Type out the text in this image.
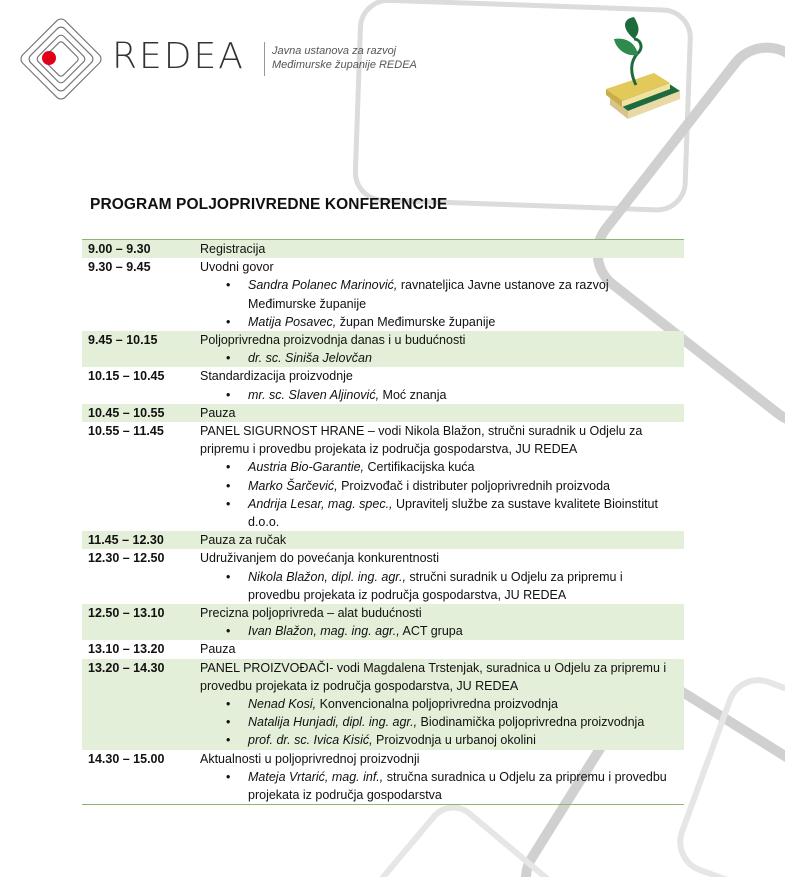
REDEA Javna ustanova za razvoj
Međimurske županije REDEA
PROGRAM POLJOPRIVREDNE KONFERENCIJE
9.00 – 9.30	Registracija
9.30 – 9.45	Uvodni govor
• Sandra Polanec Marinović, ravnateljica Javne ustanove za razvoj Međimurske županije
• Matija Posavec, župan Međimurske županije
9.45 – 10.15	Poljoprivredna proizvodnja danas i u budućnosti
• dr. sc. Siniša Jelovčan
10.15 – 10.45	Standardizacija proizvodnje
• mr. sc. Slaven Aljinović, Moć znanja
10.45 – 10.55	Pauza
10.55 – 11.45	PANEL SIGURNOST HRANE – vodi Nikola Blažon, stručni suradnik u Odjelu za pripremu i provedbu projekata iz područja gospodarstva, JU REDEA
• Austria Bio-Garantie, Certifikacijska kuća
• Marko Šarčević, Proizvođač i distributer poljoprivrednih proizvoda
• Andrija Lesar, mag. spec., Upravitelj službe za sustave kvalitete Bioinstitut d.o.o.
11.45 – 12.30	Pauza za ručak
12.30 – 12.50	Udruživanjem do povećanja konkurentnosti
• Nikola Blažon, dipl. ing. agr., stručni suradnik u Odjelu za pripremu i provedbu projekata iz područja gospodarstva, JU REDEA
12.50 – 13.10	Precizna poljoprivreda – alat budućnosti
• Ivan Blažon, mag. ing. agr., ACT grupa
13.10 – 13.20	Pauza
13.20 – 14.30	PANEL PROIZVOĐAČI- vodi Magdalena Trstenjak, suradnica u Odjelu za pripremu i provedbu projekata iz područja gospodarstva, JU REDEA
• Nenad Kosi, Konvencionalna poljoprivredna proizvodnja
• Natalija Hunjadi, dipl. ing. agr., Biodinamička poljoprivredna proizvodnja
• prof. dr. sc. Ivica Kisić, Proizvodnja u urbanoj okolini
14.30 – 15.00	Aktualnosti u poljoprivrednoj proizvodnji
• Mateja Vrtarić, mag. inf., stručna suradnica u Odjelu za pripremu i provedbu projekata iz područja gospodarstva
